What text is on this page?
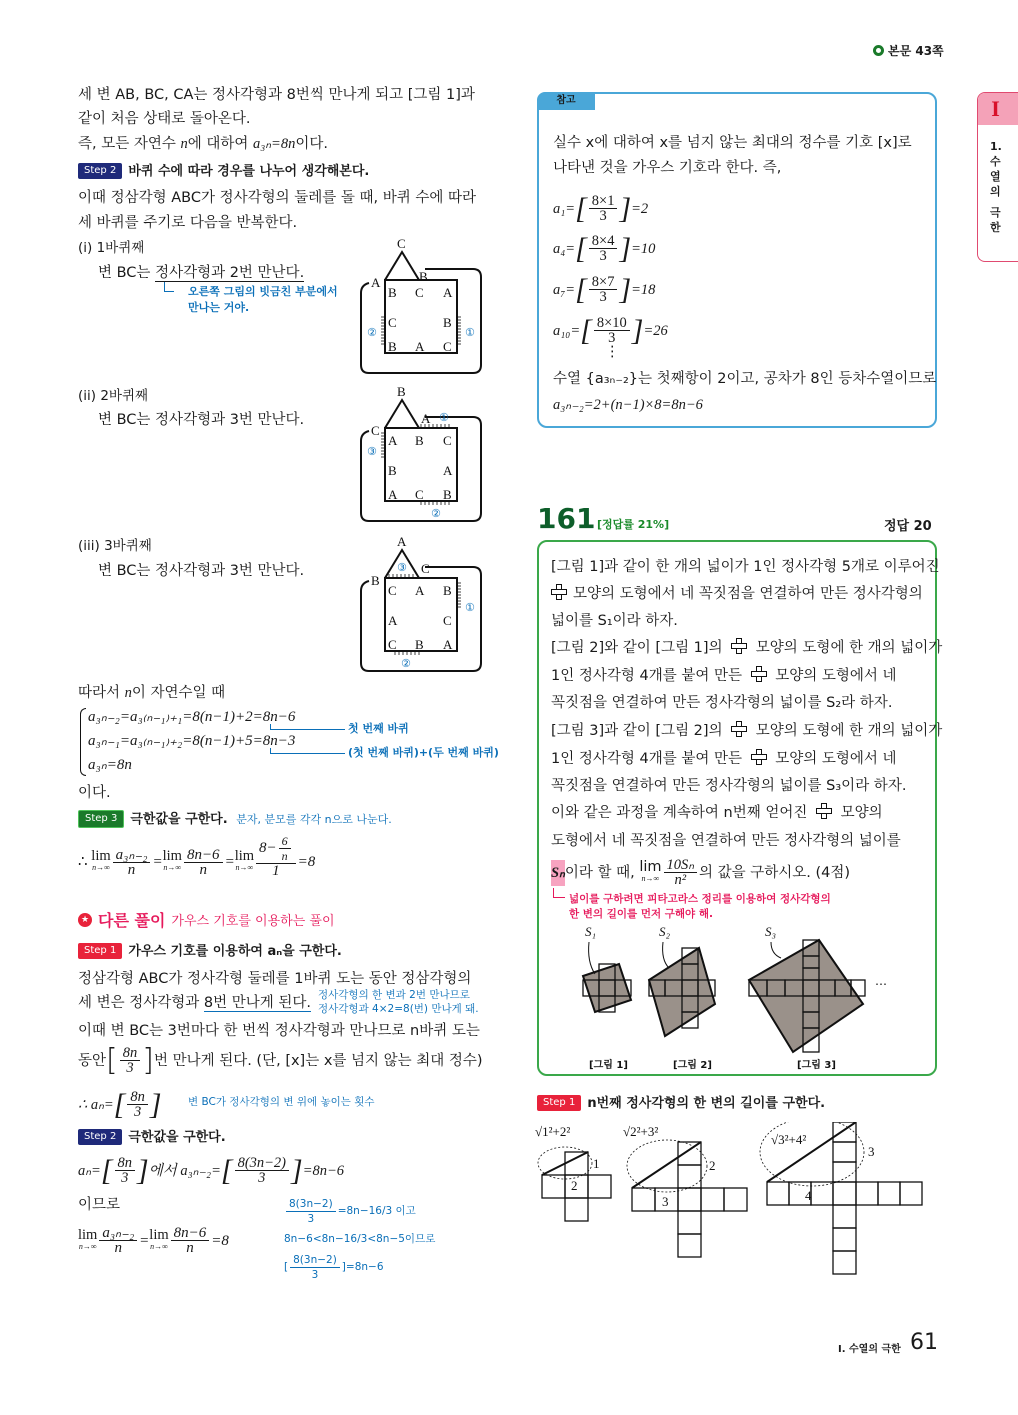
본문 43쪽
I
1.
수
열
의
극
한
세 변 AB, BC, CA는 정사각형과 8번씩 만나게 되고 [그림 1]과
같이 처음 상태로 돌아온다.
즉, 모든 자연수 n에 대하여 a₃ₙ=8n이다.
Step 2 바퀴 수에 따라 경우를 나누어 생각해본다.
이때 정삼각형 ABC가 정사각형의 둘레를 돌 때, 바퀴 수에 따라
세 바퀴를 주기로 다음을 반복한다.
(i) 1바퀴째
변 BC는 정사각형과 2번 만난다.
오른쪽 그림의 빗금친 부분에서
만나는 거야.
(ii) 2바퀴째
변 BC는 정사각형과 3번 만난다.
(iii) 3바퀴째
변 BC는 정사각형과 3번 만난다.
C
A	B
B C A
C	B
B A C
①
②
B
C
A
A B C
B	A
A C B
①
②
③
A
B
C
C A B
A	C
C B A
①
②
③
따라서 n이 자연수일 때
a₃ₙ₋₂=a₃₍ₙ₋₁₎₊₁=8(n−1)+2=8n−6
a₃ₙ₋₁=a₃₍ₙ₋₁₎₊₂=8(n−1)+5=8n−3
a₃ₙ=8n
첫 번째 바퀴
(첫 번째 바퀴)+(두 번째 바퀴)
이다.
Step 3 극한값을 구한다. 분자, 분모를 각각 n으로 나눈다.
∴
lim
$n\to\infty \frac{\text{a₃ₙ₋₂}}{n} = \lim$
$n\to\infty \frac{8n-6}{n} = \lim$
$n\to\infty \frac{8- \frac{6}{n}}{1} =8$
★ 다른 풀이 가우스 기호를 이용하는 풀이
Step 1 가우스 기호를 이용하여 aₙ을 구한다.
정삼각형 ABC가 정사각형 둘레를 1바퀴 도는 동안 정삼각형의
세 변은 정사각형과 8번 만나게 된다. 정사각형의 한 변과 2번 만나므로
정사각형과 4×2=8(번) 만나게 돼.
이때 변 BC는 3번마다 한 번씩 정사각형과 만나므로 n바퀴 도는
동안 [ $\frac{8n}{3}$ ] 번 만나게 된다. (단, [x]는 x를 넘지 않는 최대 정수)
∴ aₙ= [ $\frac{8n}{3}$ ]	변 BC가 정사각형의 변 위에 놓이는 횟수
Step 2 극한값을 구한다.
aₙ= [ $\frac{8n}{3}$ ] 에서 a₃ₙ₋₂= [ $\frac{8(3n-2)}{3}$ ] =8n−6
이므로
lim
$n\to\infty \frac{\text{a₃ₙ₋₂}}{n} = \lim$
$n\to\infty \frac{8n-6}{n} =8$
$\frac{8(3n-2)}{3} =8n-16/3$ 이고
8n−6<8n−16/3<8n−5이므로
[ $\frac{8(3n-2)}{3}$ ] =8n−6
참고
실수 x에 대하여 x를 넘지 않는 최대의 정수를 기호 [x]로
나타낸 것을 가우스 기호라 한다. 즉,
a₁= [ $\frac{8\times 1}{3}$ ] =2
a₄= [ $\frac{8\times 4}{3}$ ] =10
a₇= [ $\frac{8\times 7}{3}$ ] =18
a₁₀= [ $\frac{8\times 10}{3}$ ] =26
⋮
수열 {a₃ₙ₋₂}는 첫째항이 2이고, 공차가 8인 등차수열이므로
a₃ₙ₋₂=2+(n−1)×8=8n−6
161 [정답률 21%]	정답 20
[그림 1]과 같이 한 개의 넓이가 1인 정사각형 5개로 이루어진
모양의 도형에서 네 꼭짓점을 연결하여 만든 정사각형의
넓이를 S₁이라 하자.
[그림 2]와 같이 [그림 1]의 모양의 도형에 한 개의 넓이가
1인 정사각형 4개를 붙여 만든 모양의 도형에서 네
꼭짓점을 연결하여 만든 정사각형의 넓이를 S₂라 하자.
[그림 3]과 같이 [그림 2]의 모양의 도형에 한 개의 넓이가
1인 정사각형 4개를 붙여 만든 모양의 도형에서 네
꼭짓점을 연결하여 만든 정사각형의 넓이를 S₃이라 하자.
이와 같은 과정을 계속하여 n번째 얻어진 모양의
도형에서 네 꼭짓점을 연결하여 만든 정사각형의 넓이를
Sₙ 이라 할 때,
lim
$n\to\infty \frac{\text{10Sₙ}}{\text{n²}}$ 의 값을 구하시오. (4점)
넓이를 구하려면 피타고라스 정리를 이용하여 정사각형의
한 변의 길이를 먼저 구해야 해.
S₁	S₂	S₃
⋯
[그림 1]	[그림 2]	[그림 3]
Step 1 n번째 정사각형의 한 변의 길이를 구한다.
√1²+2²	√2²+3²
√3²+4²
1	2
3
2
3	4
I. 수열의 극한 61
